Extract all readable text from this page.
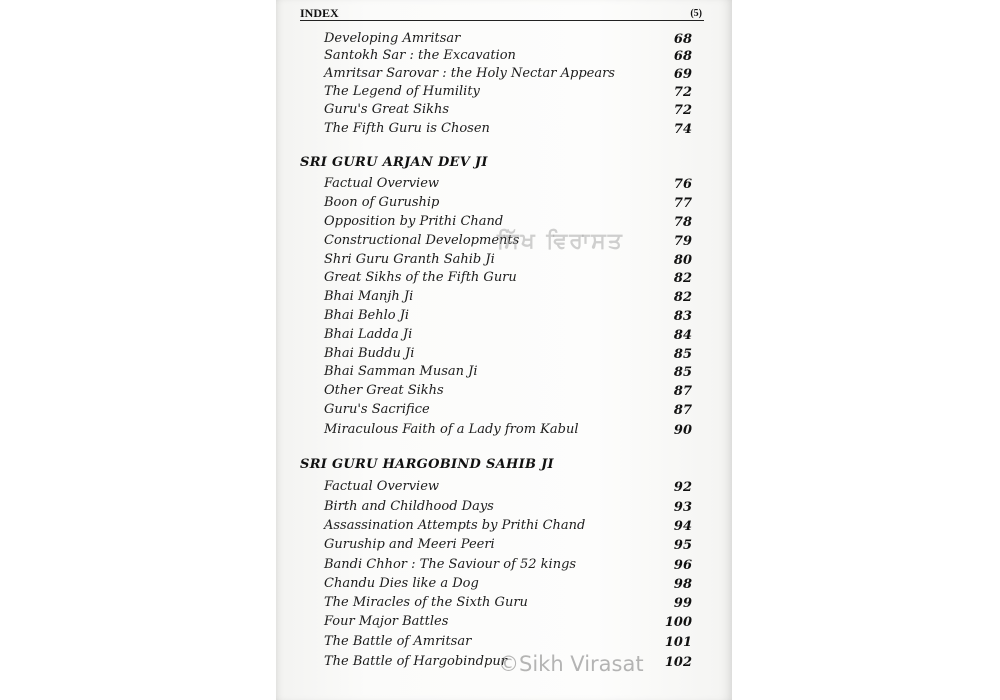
INDEX	(5)
Developing Amritsar	68
Santokh Sar : the Excavation	68
Amritsar Sarovar : the Holy Nectar Appears	69
The Legend of Humility	72
Guru's Great Sikhs	72
The Fifth Guru is Chosen	74
SRI GURU ARJAN DEV JI
Factual Overview	76
Boon of Guruship	77
Opposition by Prithi Chand	78
Constructional Developments	79
Shri Guru Granth Sahib Ji	80
Great Sikhs of the Fifth Guru	82
Bhai Manjh Ji	82
Bhai Behlo Ji	83
Bhai Ladda Ji	84
Bhai Buddu Ji	85
Bhai Samman Musan Ji	85
Other Great Sikhs	87
Guru's Sacrifice	87
Miraculous Faith of a Lady from Kabul	90
SRI GURU HARGOBIND SAHIB JI
Factual Overview	92
Birth and Childhood Days	93
Assassination Attempts by Prithi Chand	94
Guruship and Meeri Peeri	95
Bandi Chhor : The Saviour of 52 kings	96
Chandu Dies like a Dog	98
The Miracles of the Sixth Guru	99
Four Major Battles	100
The Battle of Amritsar	101
The Battle of Hargobindpur	102
ਸਿੱਖ ਵਿਰਾਸਤ
©Sikh Virasat
